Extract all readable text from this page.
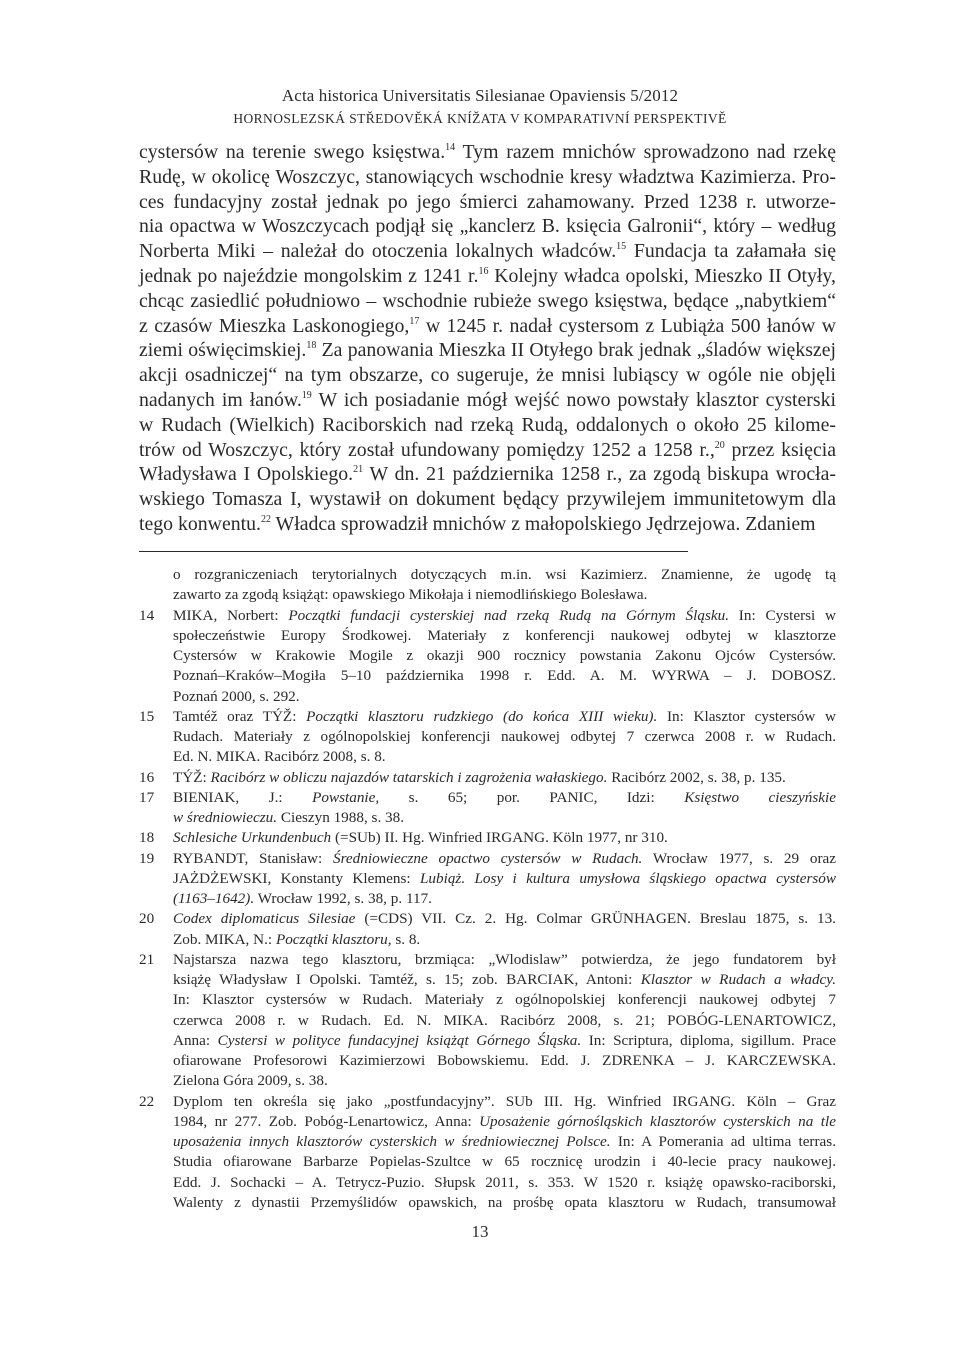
Acta historica Universitatis Silesianae Opaviensis 5/2012
HORNOSLEZSKÁ STŘEDOVĚKÁ KNÍŽATA V KOMPARATIVNÍ PERSPEKTIVĚ
cystersów na terenie swego księstwa.$^{14}$ Tym razem mnichów sprowadzono nad rzekę
Rudę, w okolicę Woszczyc, stanowiących wschodnie kresy władztwa Kazimierza. Pro-
ces fundacyjny został jednak po jego śmierci zahamowany. Przed 1238 r. utworze-
nia opactwa w Woszczycach podjął się „kanclerz B. księcia Galronii“, który – według
Norberta Miki – należał do otoczenia lokalnych władców.$^{15}$ Fundacja ta załamała się
jednak po najeździe mongolskim z 1241 r.$^{16}$ Kolejny władca opolski, Mieszko II Otyły,
chcąc zasiedlić południowo – wschodnie rubieże swego księstwa, będące „nabytkiem“
z czasów Mieszka Laskonogiego,$^{17}$ w 1245 r. nadał cystersom z Lubiąża 500 łanów w
ziemi oświęcimskiej.$^{18}$ Za panowania Mieszka II Otyłego brak jednak „śladów większej
akcji osadniczej“ na tym obszarze, co sugeruje, że mnisi lubiąscy w ogóle nie objęli
nadanych im łanów.$^{19}$ W ich posiadanie mógł wejść nowo powstały klasztor cysterski
w Rudach (Wielkich) Raciborskich nad rzeką Rudą, oddalonych o około 25 kilome-
trów od Woszczyc, który został ufundowany pomiędzy 1252 a 1258 r.,$^{20}$ przez księcia
Władysława I Opolskiego.$^{21}$ W dn. 21 października 1258 r., za zgodą biskupa wrocła-
wskiego Tomasza I, wystawił on dokument będący przywilejem immunitetowym dla
tego konwentu.$^{22}$ Władca sprowadził mnichów z małopolskiego Jędrzejowa. Zdaniem
o rozgraniczeniach terytorialnych dotyczących m.in. wsi Kazimierz. Znamienne, że ugodę tą
zawarto za zgodą książąt: opawskiego Mikołaja i niemodlińskiego Bolesława.
14	MIKA, Norbert: Początki fundacji cysterskiej nad rzeką Rudą na Górnym Śląsku. In: Cystersi w
społeczeństwie Europy Środkowej. Materiały z konferencji naukowej odbytej w klasztorze
Cystersów w Krakowie Mogile z okazji 900 rocznicy powstania Zakonu Ojców Cystersów.
Poznań–Kraków–Mogiła 5–10 października 1998 r. Edd. A. M. WYRWA – J. DOBOSZ.
Poznań 2000, s. 292.
15	Tamtéž oraz TÝŽ: Początki klasztoru rudzkiego (do końca XIII wieku). In: Klasztor cystersów w
Rudach. Materiały z ogólnopolskiej konferencji naukowej odbytej 7 czerwca 2008 r. w Rudach.
Ed. N. MIKA. Racibórz 2008, s. 8.
16	TÝŽ: Racibórz w obliczu najazdów tatarskich i zagrożenia wałaskiego. Racibórz 2002, s. 38, p. 135.
17	BIENIAK, J.: Powstanie, s. 65; por. PANIC, Idzi: Księstwo cieszyńskie
w średniowieczu. Cieszyn 1988, s. 38.
18	Schlesiche Urkundenbuch (=SUb) II. Hg. Winfried IRGANG. Köln 1977, nr 310.
19	RYBANDT, Stanisław: Średniowieczne opactwo cystersów w Rudach. Wrocław 1977, s. 29 oraz
JAŻDŻEWSKI, Konstanty Klemens: Lubiąż. Losy i kultura umysłowa śląskiego opactwa cystersów
(1163–1642). Wrocław 1992, s. 38, p. 117.
20	Codex diplomaticus Silesiae (=CDS) VII. Cz. 2. Hg. Colmar GRÜNHAGEN. Breslau 1875, s. 13.
Zob. MIKA, N.: Początki klasztoru, s. 8.
21	Najstarsza nazwa tego klasztoru, brzmiąca: „Wlodislaw” potwierdza, że jego fundatorem był
książę Władysław I Opolski. Tamtéž, s. 15; zob. BARCIAK, Antoni: Klasztor w Rudach a władcy.
In: Klasztor cystersów w Rudach. Materiały z ogólnopolskiej konferencji naukowej odbytej 7
czerwca 2008 r. w Rudach. Ed. N. MIKA. Racibórz 2008, s. 21; POBÓG-LENARTOWICZ,
Anna: Cystersi w polityce fundacyjnej książąt Górnego Śląska. In: Scriptura, diploma, sigillum. Prace
ofiarowane Profesorowi Kazimierzowi Bobowskiemu. Edd. J. ZDRENKA – J. KARCZEWSKA.
Zielona Góra 2009, s. 38.
22	Dyplom ten określa się jako „postfundacyjny”. SUb III. Hg. Winfried IRGANG. Köln – Graz
1984, nr 277. Zob. Pobóg-Lenartowicz, Anna: Uposażenie górnośląskich klasztorów cysterskich na tle
uposażenia innych klasztorów cysterskich w średniowiecznej Polsce. In: A Pomerania ad ultima terras.
Studia ofiarowane Barbarze Popielas-Szultce w 65 rocznicę urodzin i 40-lecie pracy naukowej.
Edd. J. Sochacki – A. Tetrycz-Puzio. Słupsk 2011, s. 353. W 1520 r. książę opawsko-raciborski,
Walenty z dynastii Przemyślidów opawskich, na prośbę opata klasztoru w Rudach, transumował
13
